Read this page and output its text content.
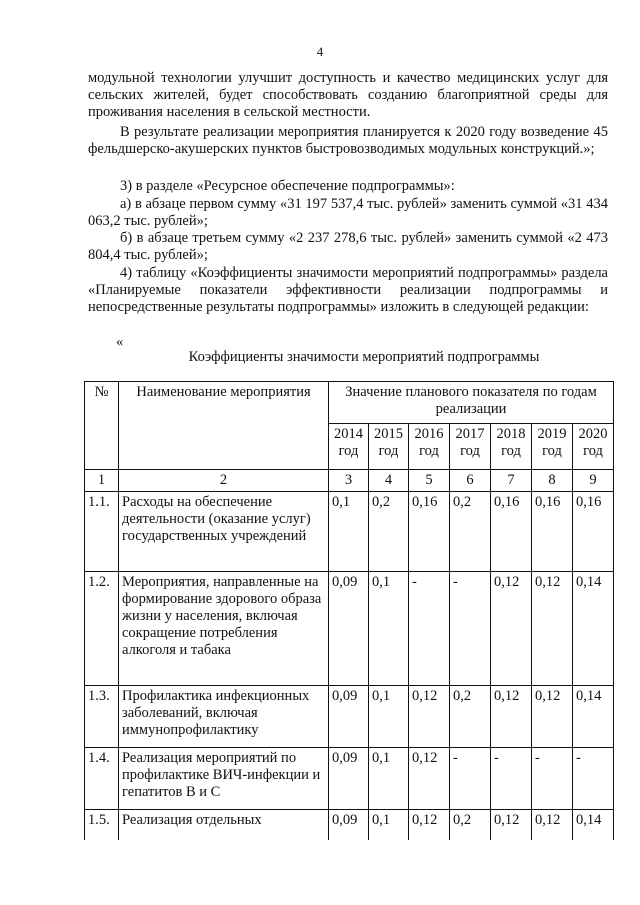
4

модульной технологии улучшит доступность и качество медицинских услуг для сельских жителей, будет способствовать созданию благоприятной среды для проживания населения в сельской местности.

В результате реализации мероприятия планируется к 2020 году возведение 45 фельдшерско-акушерских пунктов быстровозводимых модульных конструкций.»;

3) в разделе «Ресурсное обеспечение подпрограммы»:

а) в абзаце первом сумму «31 197 537,4 тыс. рублей» заменить суммой «31 434 063,2 тыс. рублей»;

б) в абзаце третьем сумму «2 237 278,6 тыс. рублей» заменить суммой «2 473 804,4 тыс. рублей»;

4) таблицу «Коэффициенты значимости мероприятий подпрограммы» раздела «Планируемые показатели эффективности реализации подпрограммы и непосредственные результаты подпрограммы» изложить в следующей редакции:

«
Коэффициенты значимости мероприятий подпрограммы
№	Наименование мероприятия	Значение планового показателя по годам реализации						
		2014 год	2015 год	2016 год	2017 год	2018 год	2019 год	2020 год
1	2	3	4	5	6	7	8	9
1.1.	Расходы на обеспечение деятельности (оказание услуг) государственных учреждений	0,1	0,2	0,16	0,2	0,16	0,16	0,16
1.2.	Мероприятия, направленные на формирование здорового образа жизни у населения, включая сокращение потребления алкоголя и табака	0,09	0,1	-	-	0,12	0,12	0,14
1.3.	Профилактика инфекционных заболеваний, включая иммунопрофилактику	0,09	0,1	0,12	0,2	0,12	0,12	0,14
1.4.	Реализация мероприятий по профилактике ВИЧ-инфекции и гепатитов В и С	0,09	0,1	0,12	-	-	-	-
1.5.	Реализация отдельных	0,09	0,1	0,12	0,2	0,12	0,12	0,14
